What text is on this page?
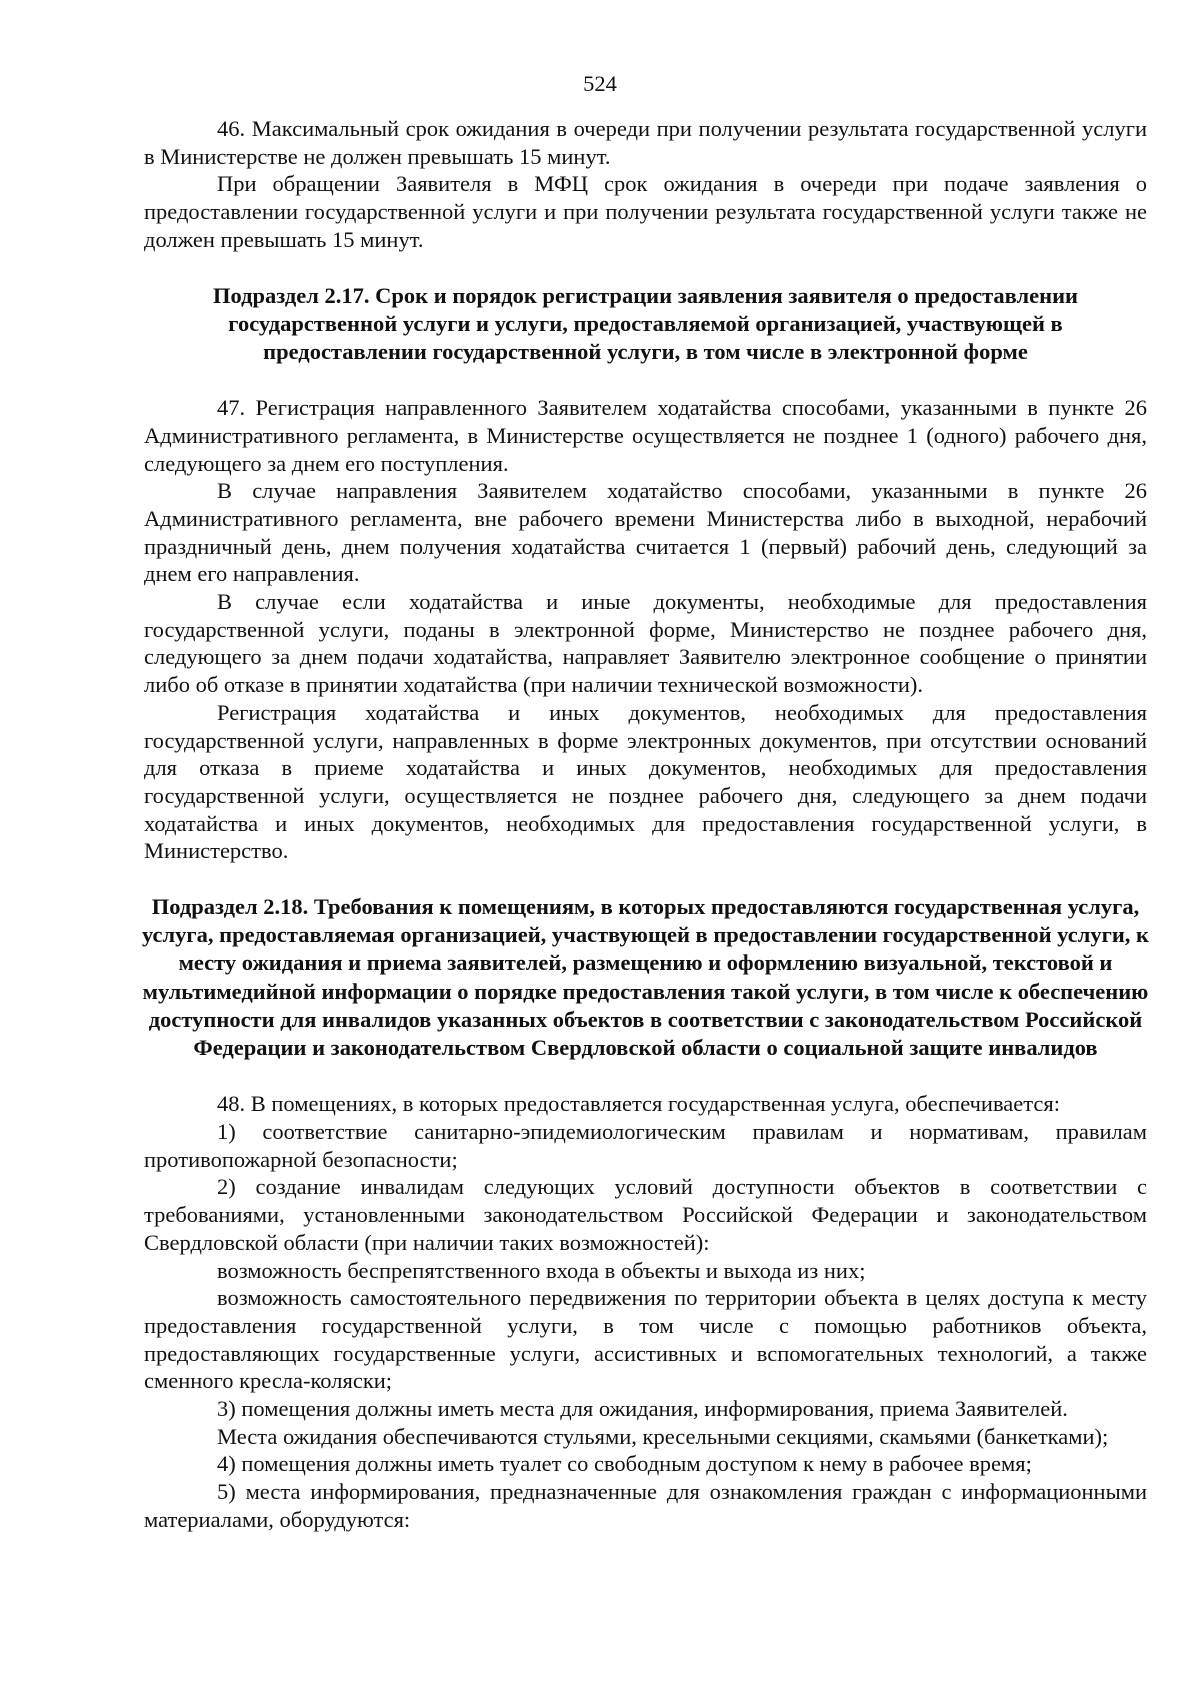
524

46. Максимальный срок ожидания в очереди при получении результата государственной услуги в Министерстве не должен превышать 15 минут.

При обращении Заявителя в МФЦ срок ожидания в очереди при подаче заявления о предоставлении государственной услуги и при получении результата государственной услуги также не должен превышать 15 минут.

Подраздел 2.17. Срок и порядок регистрации заявления заявителя о предоставлении государственной услуги и услуги, предоставляемой организацией, участвующей в предоставлении государственной услуги, в том числе в электронной форме

47. Регистрация направленного Заявителем ходатайства способами, указанными в пункте 26 Административного регламента, в Министерстве осуществляется не позднее 1 (одного) рабочего дня, следующего за днем его поступления.

В случае направления Заявителем ходатайство способами, указанными в пункте 26 Административного регламента, вне рабочего времени Министерства либо в выходной, нерабочий праздничный день, днем получения ходатайства считается 1 (первый) рабочий день, следующий за днем его направления.

В случае если ходатайства и иные документы, необходимые для предоставления государственной услуги, поданы в электронной форме, Министерство не позднее рабочего дня, следующего за днем подачи ходатайства, направляет Заявителю электронное сообщение о принятии либо об отказе в принятии ходатайства (при наличии технической возможности).

Регистрация ходатайства и иных документов, необходимых для предоставления государственной услуги, направленных в форме электронных документов, при отсутствии оснований для отказа в приеме ходатайства и иных документов, необходимых для предоставления государственной услуги, осуществляется не позднее рабочего дня, следующего за днем подачи ходатайства и иных документов, необходимых для предоставления государственной услуги, в Министерство.

Подраздел 2.18. Требования к помещениям, в которых предоставляются государственная услуга, услуга, предоставляемая организацией, участвующей в предоставлении государственной услуги, к месту ожидания и приема заявителей, размещению и оформлению визуальной, текстовой и мультимедийной информации о порядке предоставления такой услуги, в том числе к обеспечению доступности для инвалидов указанных объектов в соответствии с законодательством Российской Федерации и законодательством Свердловской области о социальной защите инвалидов

48. В помещениях, в которых предоставляется государственная услуга, обеспечивается:

1) соответствие санитарно-эпидемиологическим правилам и нормативам, правилам противопожарной безопасности;

2) создание инвалидам следующих условий доступности объектов в соответствии с требованиями, установленными законодательством Российской Федерации и законодательством Свердловской области (при наличии таких возможностей):

возможность беспрепятственного входа в объекты и выхода из них;

возможность самостоятельного передвижения по территории объекта в целях доступа к месту предоставления государственной услуги, в том числе с помощью работников объекта, предоставляющих государственные услуги, ассистивных и вспомогательных технологий, а также сменного кресла-коляски;

3) помещения должны иметь места для ожидания, информирования, приема Заявителей.

Места ожидания обеспечиваются стульями, кресельными секциями, скамьями (банкетками);

4) помещения должны иметь туалет со свободным доступом к нему в рабочее время;

5) места информирования, предназначенные для ознакомления граждан с информационными материалами, оборудуются:
